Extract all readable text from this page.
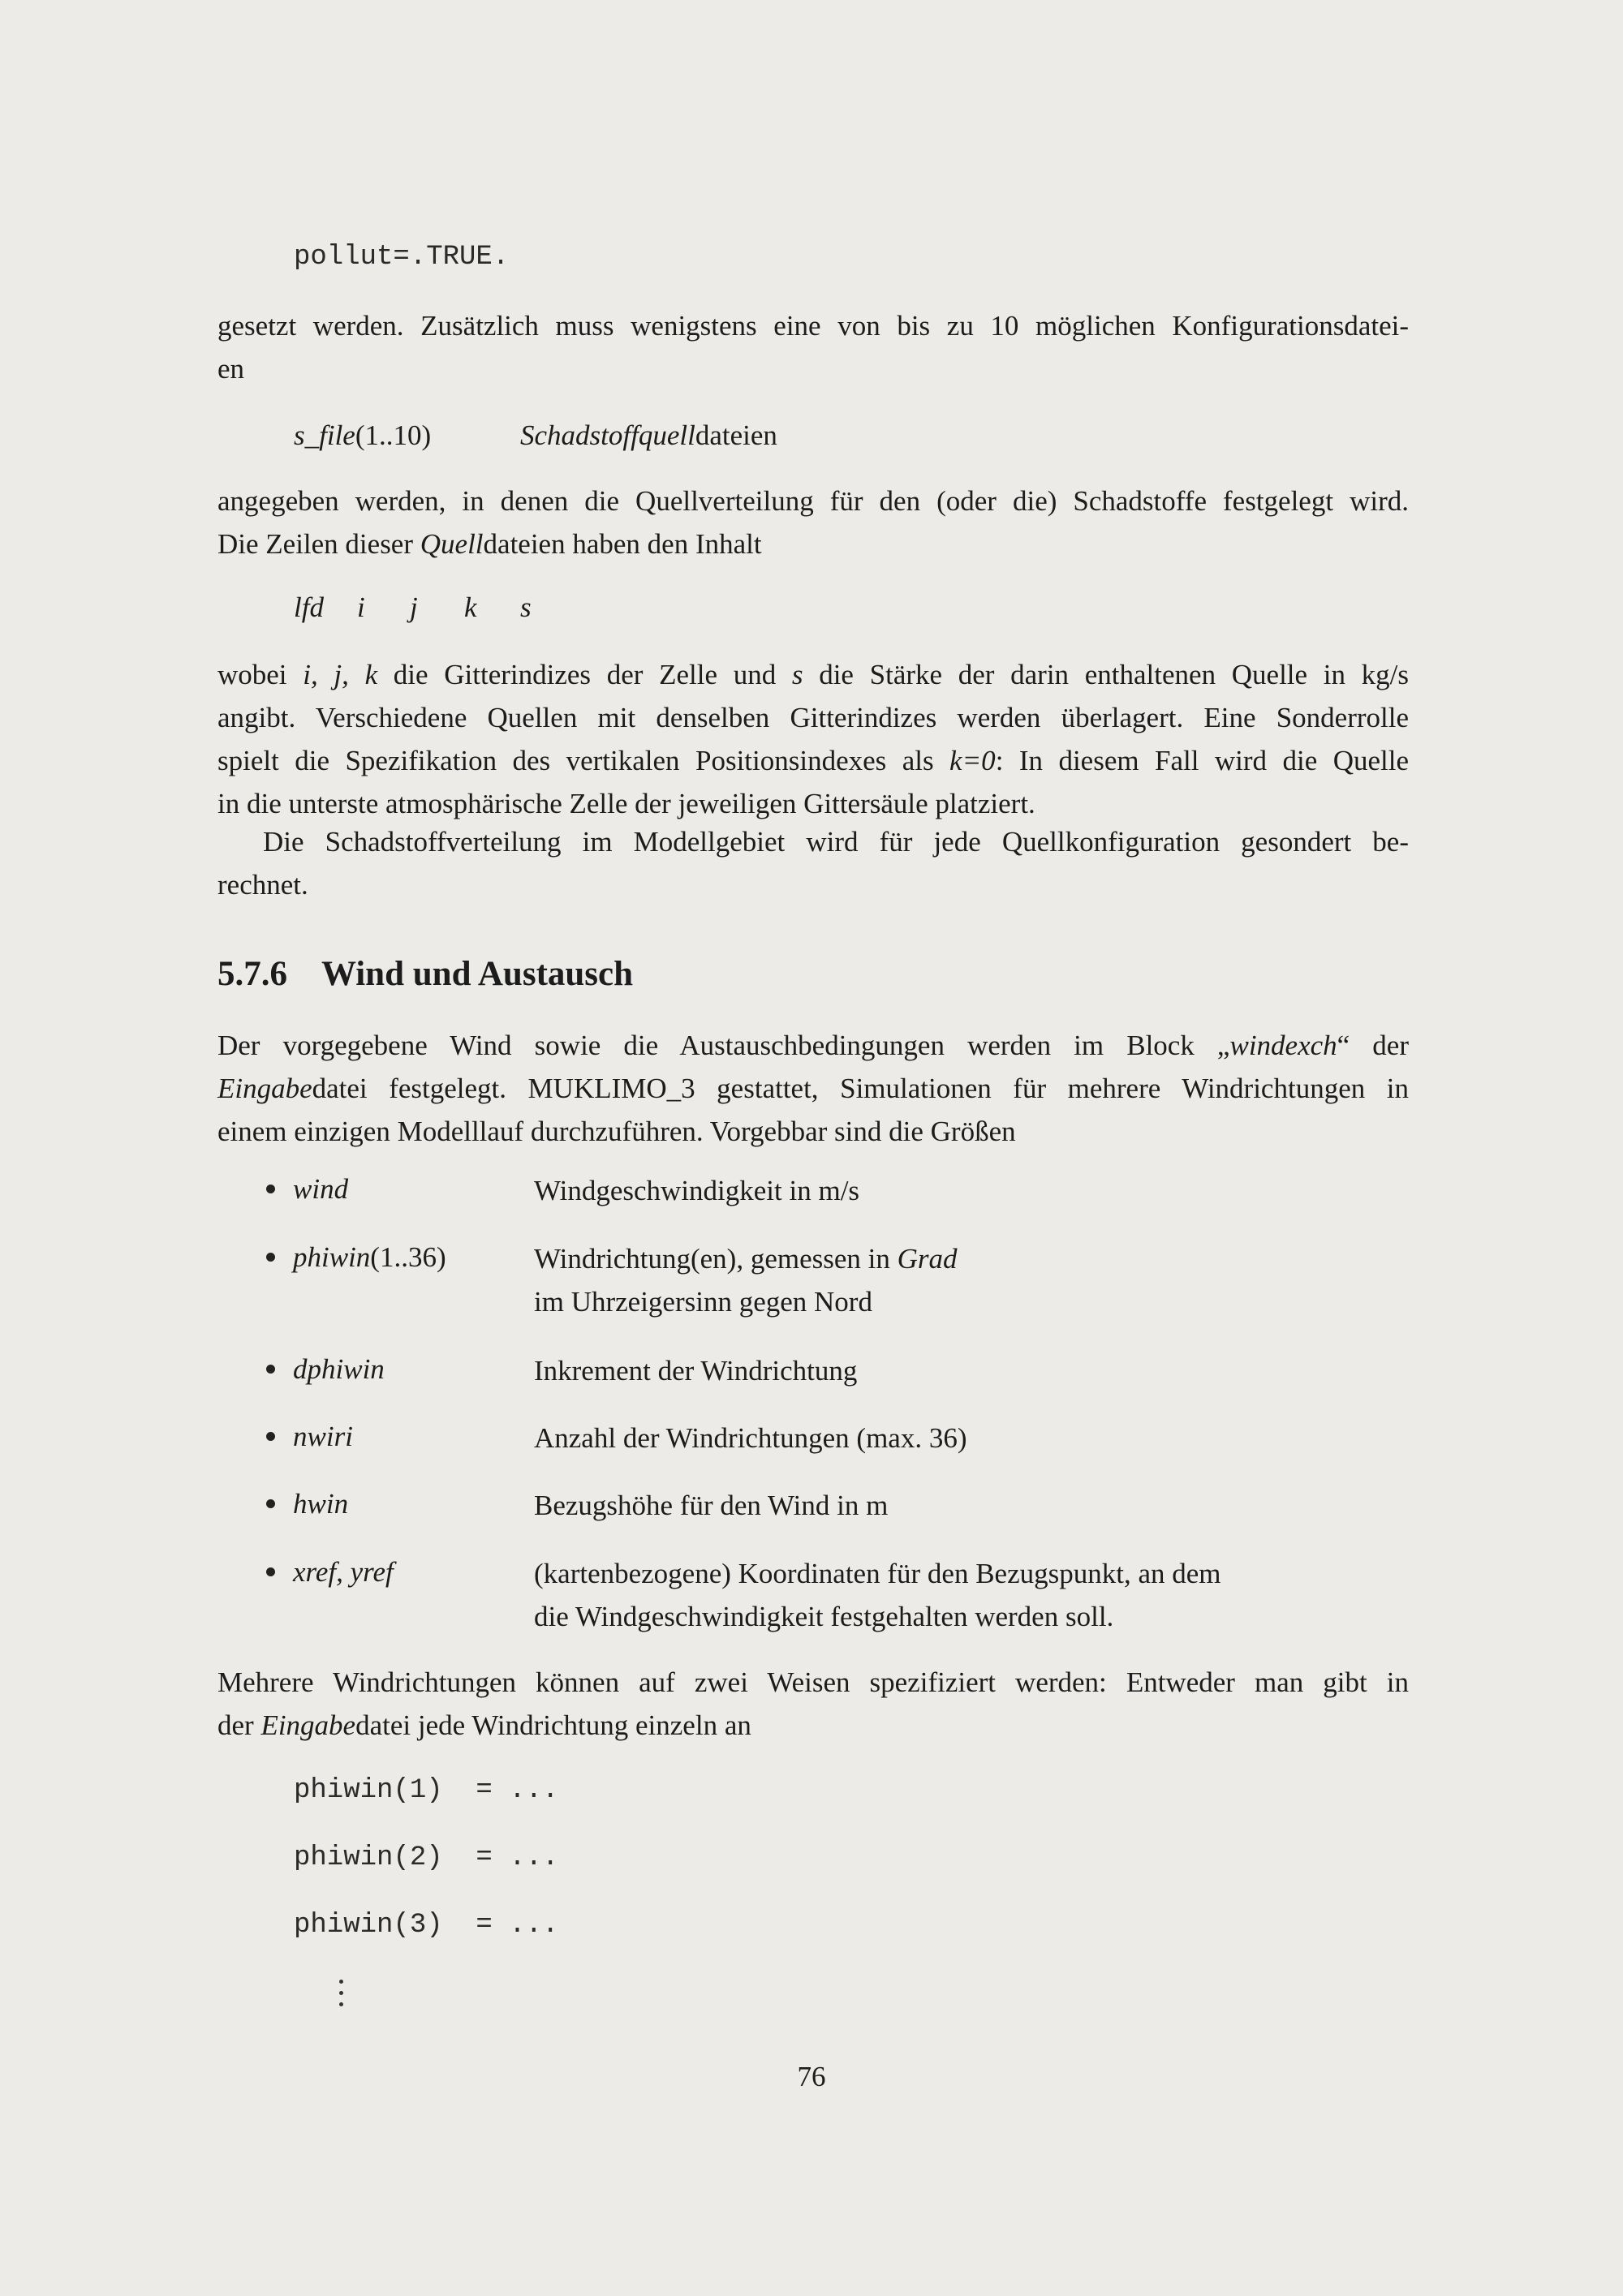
pollut=.TRUE.
gesetzt werden. Zusätzlich muss wenigstens eine von bis zu 10 möglichen Konfigurationsdatei-
en
s_file(1..10)	Schadstoffquelldateien
angegeben werden, in denen die Quellverteilung für den (oder die) Schadstoffe festgelegt wird.
Die Zeilen dieser Quelldateien haben den Inhalt
lfd i j k s
wobei i, j, k die Gitterindizes der Zelle und s die Stärke der darin enthaltenen Quelle in kg/s
angibt. Verschiedene Quellen mit denselben Gitterindizes werden überlagert. Eine Sonderrolle
spielt die Spezifikation des vertikalen Positionsindexes als k=0: In diesem Fall wird die Quelle
in die unterste atmosphärische Zelle der jeweiligen Gittersäule platziert.
Die Schadstoffverteilung im Modellgebiet wird für jede Quellkonfiguration gesondert be-
rechnet.
5.7.6 Wind und Austausch
Der vorgegebene Wind sowie die Austauschbedingungen werden im Block „windexch“ der
Eingabedatei festgelegt. MUKLIMO_3 gestattet, Simulationen für mehrere Windrichtungen in
einem einzigen Modelllauf durchzuführen. Vorgebbar sind die Größen
wind	Windgeschwindigkeit in m/s
phiwin(1..36)	Windrichtung(en), gemessen in Grad
im Uhrzeigersinn gegen Nord
dphiwin	Inkrement der Windrichtung
nwiri	Anzahl der Windrichtungen (max. 36)
hwin	Bezugshöhe für den Wind in m
xref, yref	(kartenbezogene) Koordinaten für den Bezugspunkt, an dem
die Windgeschwindigkeit festgehalten werden soll.
Mehrere Windrichtungen können auf zwei Weisen spezifiziert werden: Entweder man gibt in
der Eingabedatei jede Windrichtung einzeln an
phiwin(1)  = ...
phiwin(2)  = ...
phiwin(3)  = ...
76
